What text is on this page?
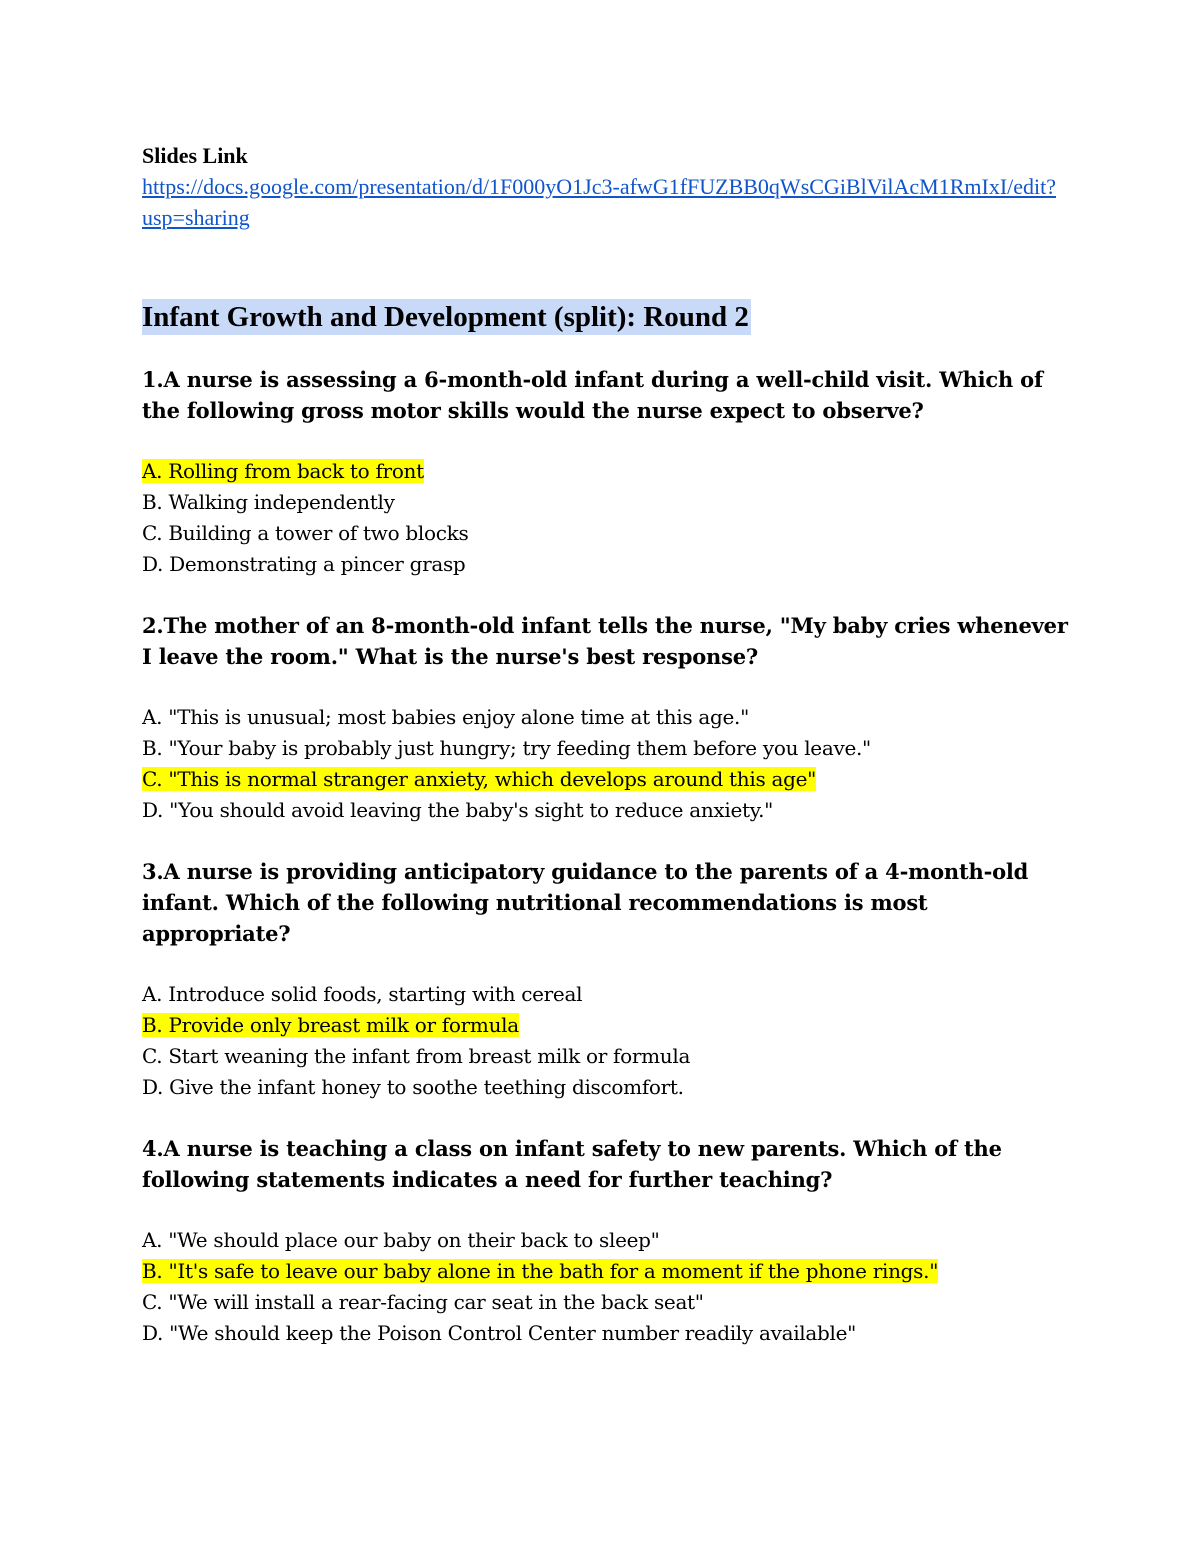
Slides Link

https://docs.google.com/presentation/d/1F000yO1Jc3-afwG1fFUZBB0qWsCGiBlVilAcM1RmIxI/edit?usp=sharing
Infant Growth and Development (split): Round 2

1.A nurse is assessing a 6-month-old infant during a well-child visit. Which of the following gross motor skills would the nurse expect to observe?

A. Rolling from back to front

B. Walking independently

C. Building a tower of two blocks

D. Demonstrating a pincer grasp

2.The mother of an 8-month-old infant tells the nurse, "My baby cries whenever I leave the room." What is the nurse's best response?

A. "This is unusual; most babies enjoy alone time at this age."

B. "Your baby is probably just hungry; try feeding them before you leave."

C. "This is normal stranger anxiety, which develops around this age"

D. "You should avoid leaving the baby's sight to reduce anxiety."

3.A nurse is providing anticipatory guidance to the parents of a 4-month-old infant. Which of the following nutritional recommendations is most appropriate?

A. Introduce solid foods, starting with cereal

B. Provide only breast milk or formula

C. Start weaning the infant from breast milk or formula

D. Give the infant honey to soothe teething discomfort.

4.A nurse is teaching a class on infant safety to new parents. Which of the following statements indicates a need for further teaching?

A. "We should place our baby on their back to sleep"

B. "It's safe to leave our baby alone in the bath for a moment if the phone rings."

C. "We will install a rear-facing car seat in the back seat"

D. "We should keep the Poison Control Center number readily available"
